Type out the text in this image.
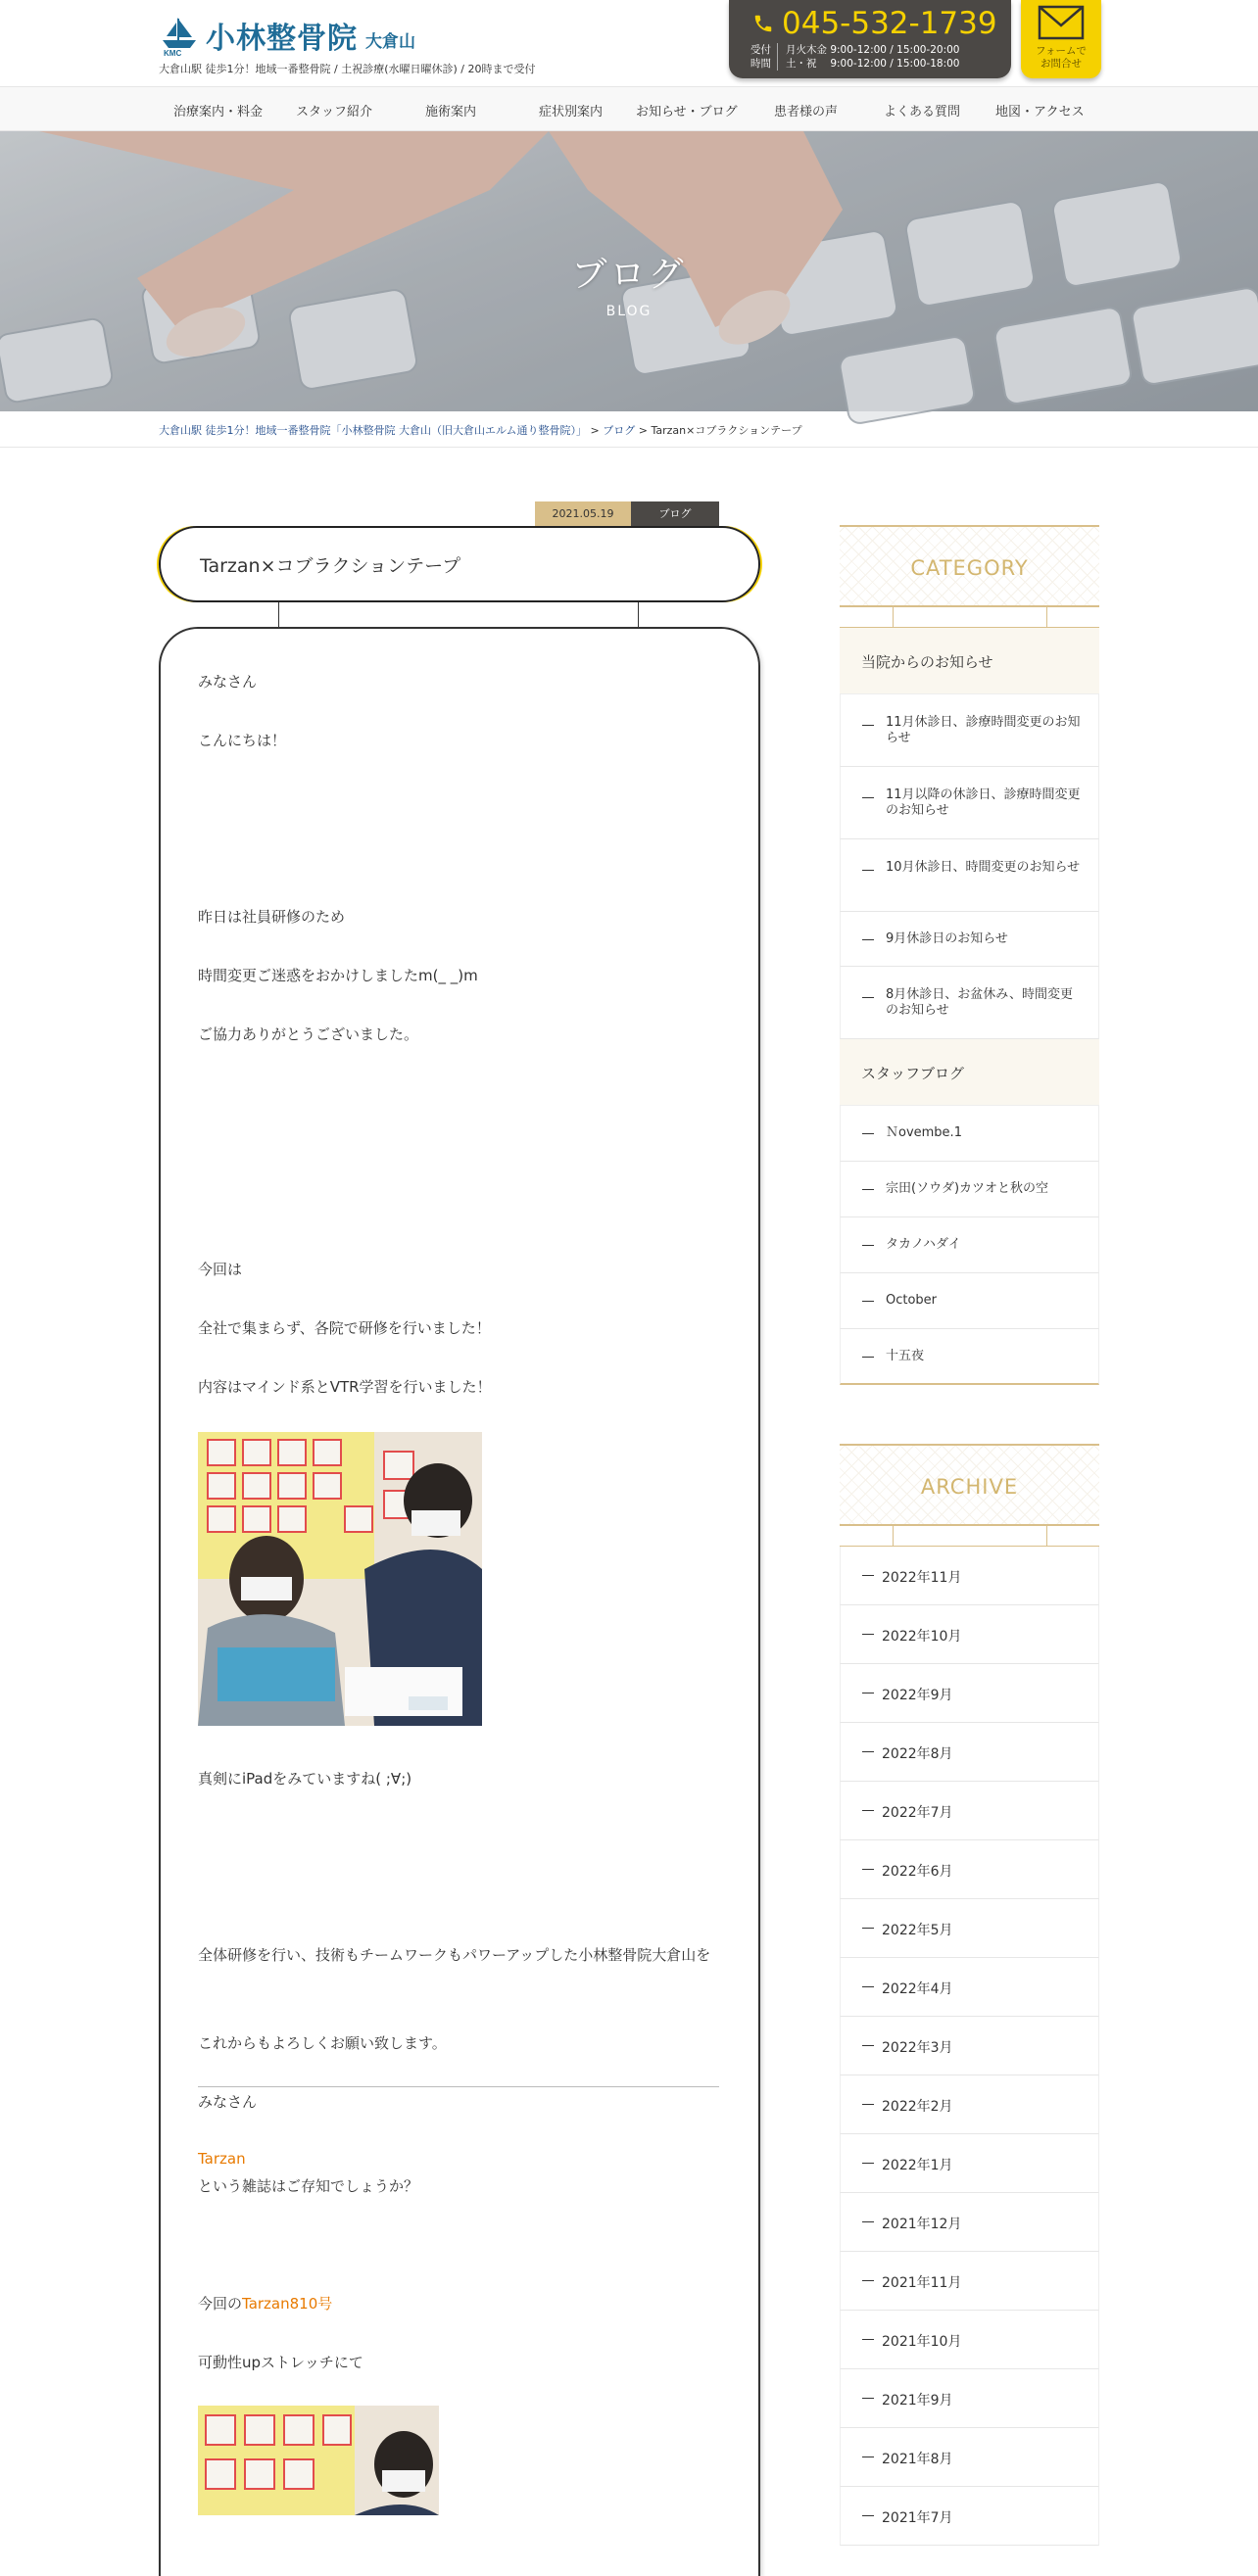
KMC 小林整骨院 大倉山
大倉山駅 徒歩1分！地域一番整骨院 / 土祝診療(水曜日曜休診) / 20時まで受付
045-532-1739
受付
時間
月火木金 9:00-12:00 / 15:00-20:00
土・祝　 9:00-12:00 / 15:00-18:00
フォームで
お問合せ
治療案内・料金	スタッフ紹介	施術案内	症状別案内	お知らせ・ブログ	患者様の声	よくある質問	地図・アクセス
ブログ
BLOG
大倉山駅 徒歩1分！地域一番整骨院「小林整骨院 大倉山（旧大倉山エルム通り整骨院）」 > ブログ > Tarzan×コブラクションテープ
2021.05.19	ブログ
Tarzan×コブラクションテープ
みなさん
こんにちは！
昨日は社員研修のため
時間変更ご迷惑をおかけしましたm(_ _)m
ご協力ありがとうございました。
今回は
全社で集まらず、各院で研修を行いました！
内容はマインド系とVTR学習を行いました！
真剣にiPadをみていますね( ;∀;)
全体研修を行い、技術もチームワークもパワーアップした小林整骨院大倉山を
これからもよろしくお願い致します。
みなさん
Tarzan
という雑誌はご存知でしょうか？
今回のTarzan810号
可動性upストレッチにて
CATEGORY
当院からのお知らせ
11月休診日、診療時間変更のお知らせ
11月以降の休診日、診療時間変更のお知らせ
10月休診日、時間変更のお知らせ
9月休診日のお知らせ
8月休診日、お盆休み、時間変更のお知らせ
スタッフブログ
Ｎovembe.1
宗田(ソウダ)カツオと秋の空
タカノハダイ
October
十五夜
ARCHIVE
2022年11月
2022年10月
2022年9月
2022年8月
2022年7月
2022年6月
2022年5月
2022年4月
2022年3月
2022年2月
2022年1月
2021年12月
2021年11月
2021年10月
2021年9月
2021年8月
2021年7月
